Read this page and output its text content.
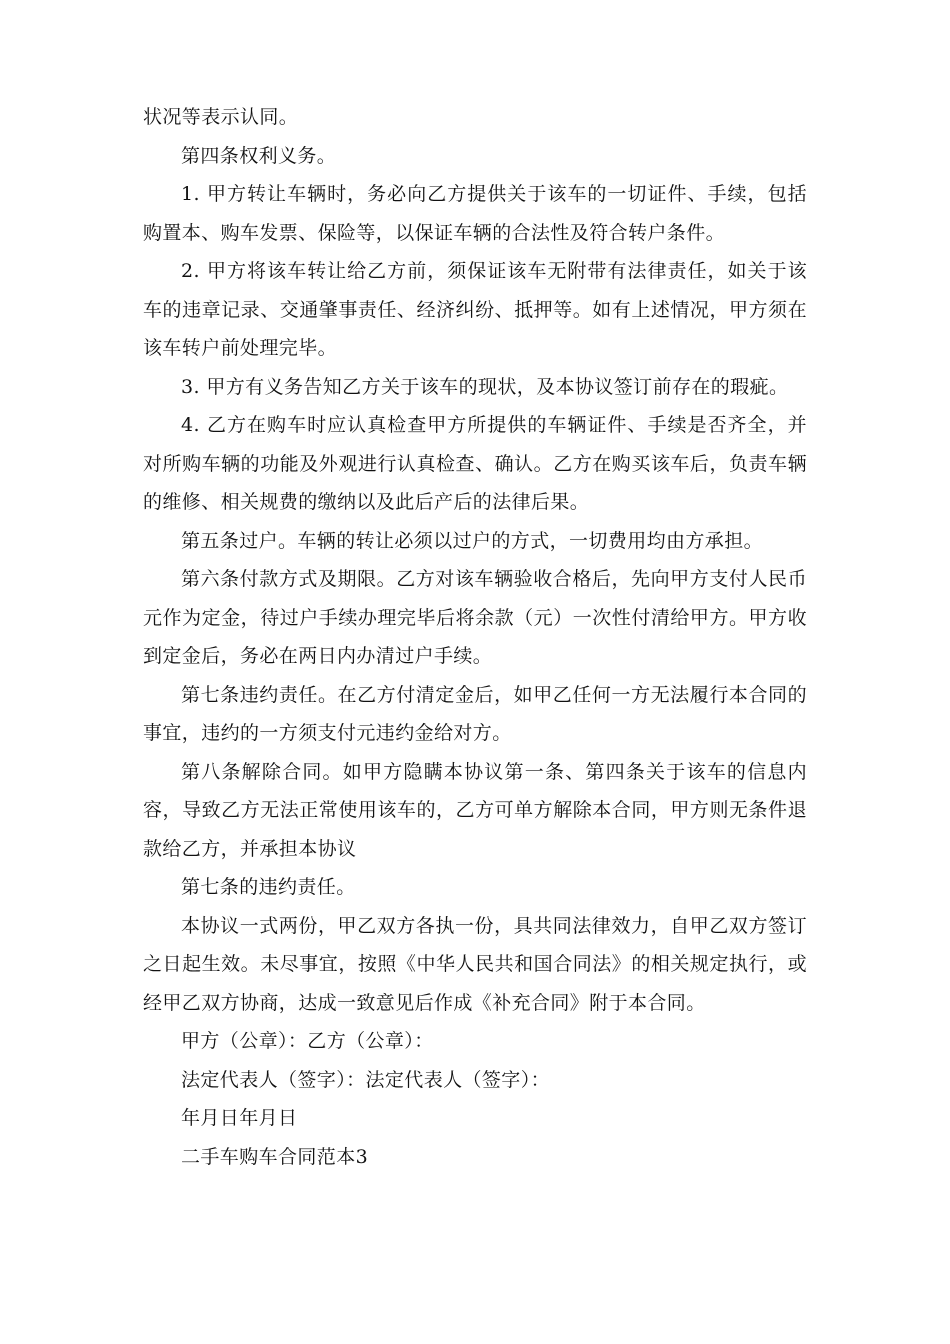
状况等表示认同。

第四条权利义务。

1. 甲方转让车辆时，务必向乙方提供关于该车的一切证件、手续，包括购置本、购车发票、保险等，以保证车辆的合法性及符合转户条件。

2. 甲方将该车转让给乙方前，须保证该车无附带有法律责任，如关于该车的违章记录、交通肇事责任、经济纠纷、抵押等。如有上述情况，甲方须在该车转户前处理完毕。

3. 甲方有义务告知乙方关于该车的现状，及本协议签订前存在的瑕疵。

4. 乙方在购车时应认真检查甲方所提供的车辆证件、手续是否齐全，并对所购车辆的功能及外观进行认真检查、确认。乙方在购买该车后，负责车辆的维修、相关规费的缴纳以及此后产后的法律后果。

第五条过户。车辆的转让必须以过户的方式，一切费用均由方承担。

第六条付款方式及期限。乙方对该车辆验收合格后，先向甲方支付人民币元作为定金，待过户手续办理完毕后将余款（元）一次性付清给甲方。甲方收到定金后，务必在两日内办清过户手续。

第七条违约责任。在乙方付清定金后，如甲乙任何一方无法履行本合同的事宜，违约的一方须支付元违约金给对方。

第八条解除合同。如甲方隐瞒本协议第一条、第四条关于该车的信息内容，导致乙方无法正常使用该车的，乙方可单方解除本合同，甲方则无条件退款给乙方，并承担本协议

第七条的违约责任。

本协议一式两份，甲乙双方各执一份，具共同法律效力，自甲乙双方签订之日起生效。未尽事宜，按照《中华人民共和国合同法》的相关规定执行，或经甲乙双方协商，达成一致意见后作成《补充合同》附于本合同。

甲方（公章）：乙方（公章）：

法定代表人（签字）：法定代表人（签字）：

年月日年月日

二手车购车合同范本3
